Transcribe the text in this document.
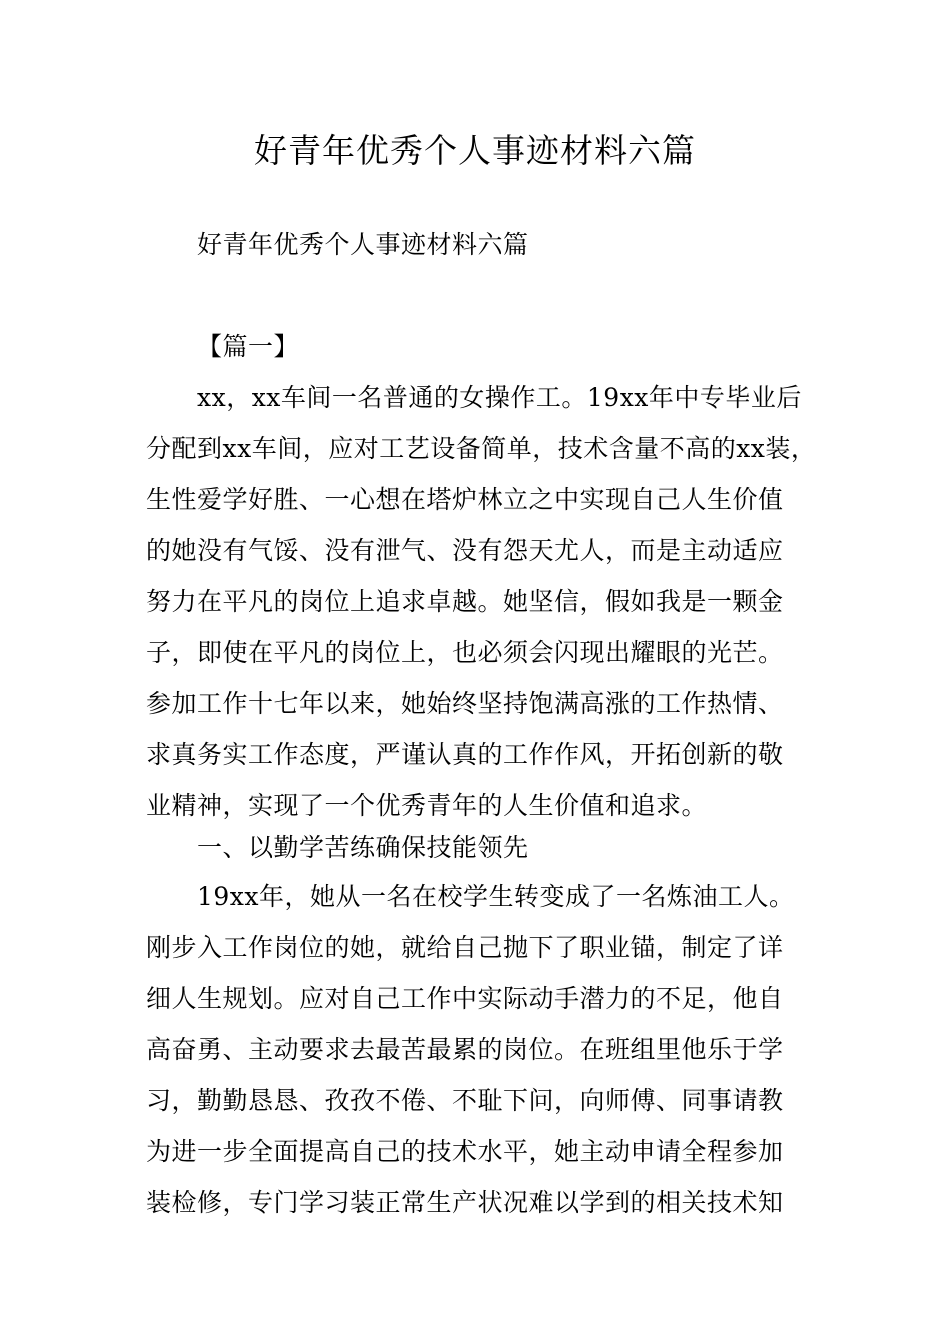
好青年优秀个人事迹材料六篇
好青年优秀个人事迹材料六篇
【篇一】
xx，xx车间一名普通的女操作工。19xx年中专毕业后
分配到xx车间，应对工艺设备简单，技术含量不高的xx装，
生性爱学好胜、一心想在塔炉林立之中实现自己人生价值
的她没有气馁、没有泄气、没有怨天尤人，而是主动适应
努力在平凡的岗位上追求卓越。她坚信，假如我是一颗金
子，即使在平凡的岗位上，也必须会闪现出耀眼的光芒。
参加工作十七年以来，她始终坚持饱满高涨的工作热情、
求真务实工作态度，严谨认真的工作作风，开拓创新的敬
业精神，实现了一个优秀青年的人生价值和追求。
一、以勤学苦练确保技能领先
19xx年，她从一名在校学生转变成了一名炼油工人。
刚步入工作岗位的她，就给自己抛下了职业锚，制定了详
细人生规划。应对自己工作中实际动手潜力的不足，他自
高奋勇、主动要求去最苦最累的岗位。在班组里他乐于学
习，勤勤恳恳、孜孜不倦、不耻下问，向师傅、同事请教
为进一步全面提高自己的技术水平，她主动申请全程参加
装检修，专门学习装正常生产状况难以学到的相关技术知
